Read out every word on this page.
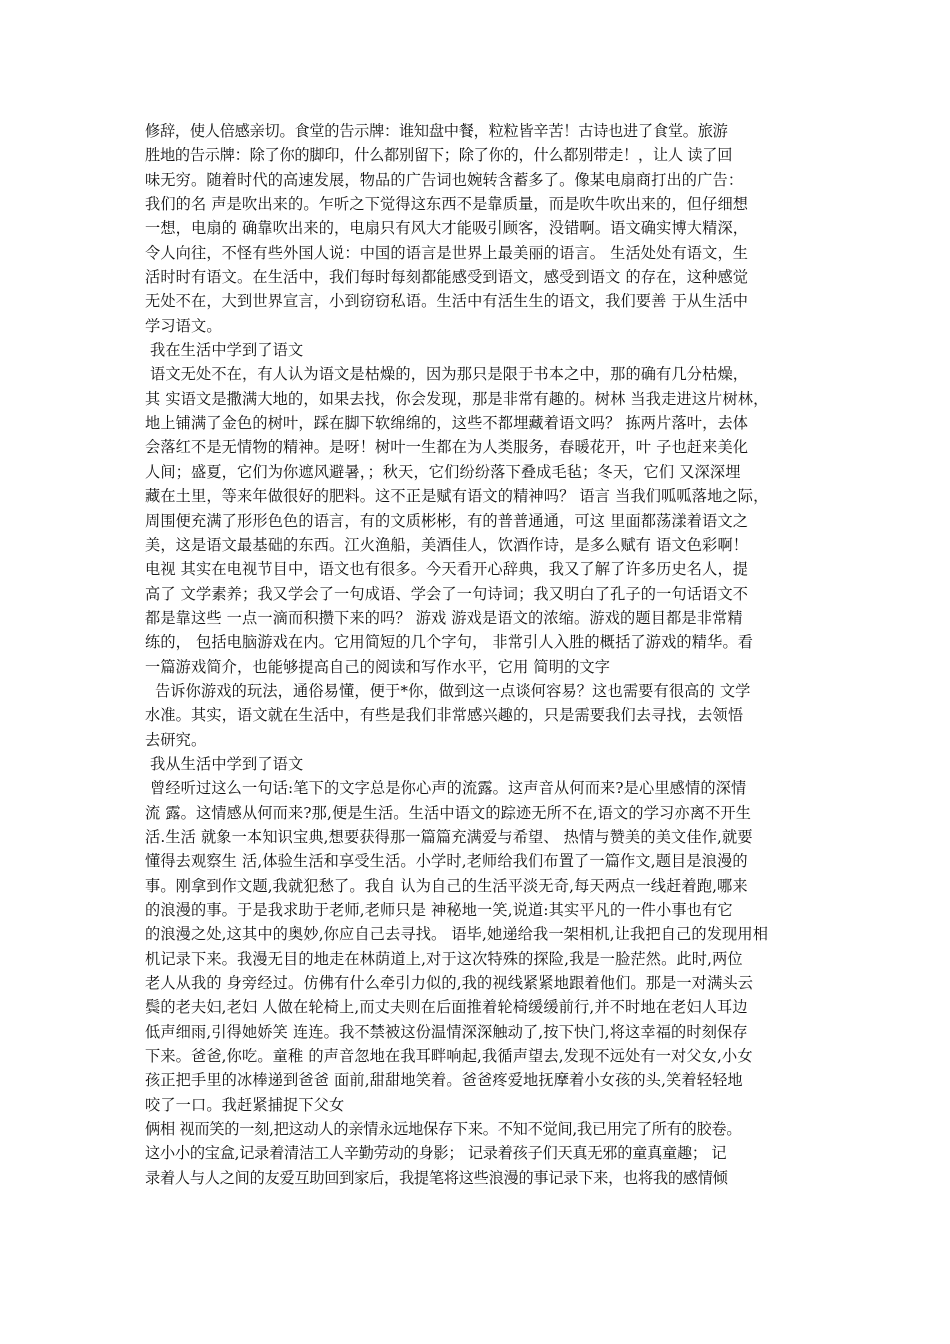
修辞，使人倍感亲切。食堂的告示牌：谁知盘中餐，粒粒皆辛苦！古诗也进了食堂。旅游
胜地的告示牌：除了你的脚印，什么都别留下；除了你的，什么都别带走！，让人 读了回
味无穷。随着时代的高速发展，物品的广告词也婉转含蓄多了。像某电扇商打出的广告：
我们的名 声是吹出来的。乍听之下觉得这东西不是靠质量，而是吹牛吹出来的，但仔细想
一想，电扇的 确靠吹出来的，电扇只有风大才能吸引顾客，没错啊。语文确实博大精深，
令人向往，不怪有些外国人说：中国的语言是世界上最美丽的语言。 生活处处有语文，生
活时时有语文。在生活中，我们每时每刻都能感受到语文，感受到语文 的存在，这种感觉
无处不在，大到世界宣言，小到窃窃私语。生活中有活生生的语文，我们要善 于从生活中
学习语文。
我在生活中学到了语文
语文无处不在，有人认为语文是枯燥的，因为那只是限于书本之中，那的确有几分枯燥，
其 实语文是撒满大地的，如果去找，你会发现，那是非常有趣的。树林 当我走进这片树林，
地上铺满了金色的树叶，踩在脚下软绵绵的，这些不都埋藏着语文吗？ 拣两片落叶，去体
会落红不是无情物的精神。是呀！树叶一生都在为人类服务，春暖花开，叶 子也赶来美化
人间；盛夏，它们为你遮风避暑，；秋天，它们纷纷落下叠成毛毡；冬天，它们 又深深埋
藏在土里，等来年做很好的肥料。这不正是赋有语文的精神吗？ 语言 当我们呱呱落地之际，
周围便充满了形形色色的语言，有的文质彬彬，有的普普通通，可这 里面都荡漾着语文之
美，这是语文最基础的东西。江火渔船，美酒佳人，饮酒作诗，是多么赋有 语文色彩啊！
电视 其实在电视节目中，语文也有很多。今天看开心辞典，我又了解了许多历史名人，提
高了 文学素养；我又学会了一句成语、学会了一句诗词；我又明白了孔子的一句话语文不
都是靠这些 一点一滴而积攒下来的吗？ 游戏 游戏是语文的浓缩。游戏的题目都是非常精
练的， 包括电脑游戏在内。它用简短的几个字句， 非常引人入胜的概括了游戏的精华。看
一篇游戏简介，也能够提高自己的阅读和写作水平，它用 简明的文字
告诉你游戏的玩法，通俗易懂，便于*你，做到这一点谈何容易？这也需要有很高的 文学
水准。其实，语文就在生活中，有些是我们非常感兴趣的，只是需要我们去寻找，去领悟
去研究。
我从生活中学到了语文
曾经听过这么一句话:笔下的文字总是你心声的流露。这声音从何而来?是心里感情的深情
流 露。这情感从何而来?那,便是生活。生活中语文的踪迹无所不在,语文的学习亦离不开生
活.生活 就象一本知识宝典,想要获得那一篇篇充满爱与希望、 热情与赞美的美文佳作,就要
懂得去观察生 活,体验生活和享受生活。小学时,老师给我们布置了一篇作文,题目是浪漫的
事。刚拿到作文题,我就犯愁了。我自 认为自己的生活平淡无奇,每天两点一线赶着跑,哪来
的浪漫的事。于是我求助于老师,老师只是 神秘地一笑,说道:其实平凡的一件小事也有它
的浪漫之处,这其中的奥妙,你应自己去寻找。 语毕,她递给我一架相机,让我把自己的发现用相
机记录下来。我漫无目的地走在林荫道上,对于这次特殊的探险,我是一脸茫然。此时,两位
老人从我的 身旁经过。仿佛有什么牵引力似的,我的视线紧紧地跟着他们。那是一对满头云
鬓的老夫妇,老妇 人做在轮椅上,而丈夫则在后面推着轮椅缓缓前行,并不时地在老妇人耳边
低声细雨,引得她娇笑 连连。我不禁被这份温情深深触动了,按下快门,将这幸福的时刻保存
下来。爸爸,你吃。童稚 的声音忽地在我耳畔响起,我循声望去,发现不远处有一对父女,小女
孩正把手里的冰棒递到爸爸 面前,甜甜地笑着。爸爸疼爱地抚摩着小女孩的头,笑着轻轻地
咬了一口。我赶紧捕捉下父女
俩相 视而笑的一刻,把这动人的亲情永远地保存下来。不知不觉间,我已用完了所有的胶卷。
这小小的宝盒,记录着清洁工人辛勤劳动的身影； 记录着孩子们天真无邪的童真童趣； 记
录着人与人之间的友爱互助回到家后，我提笔将这些浪漫的事记录下来，也将我的感情倾
